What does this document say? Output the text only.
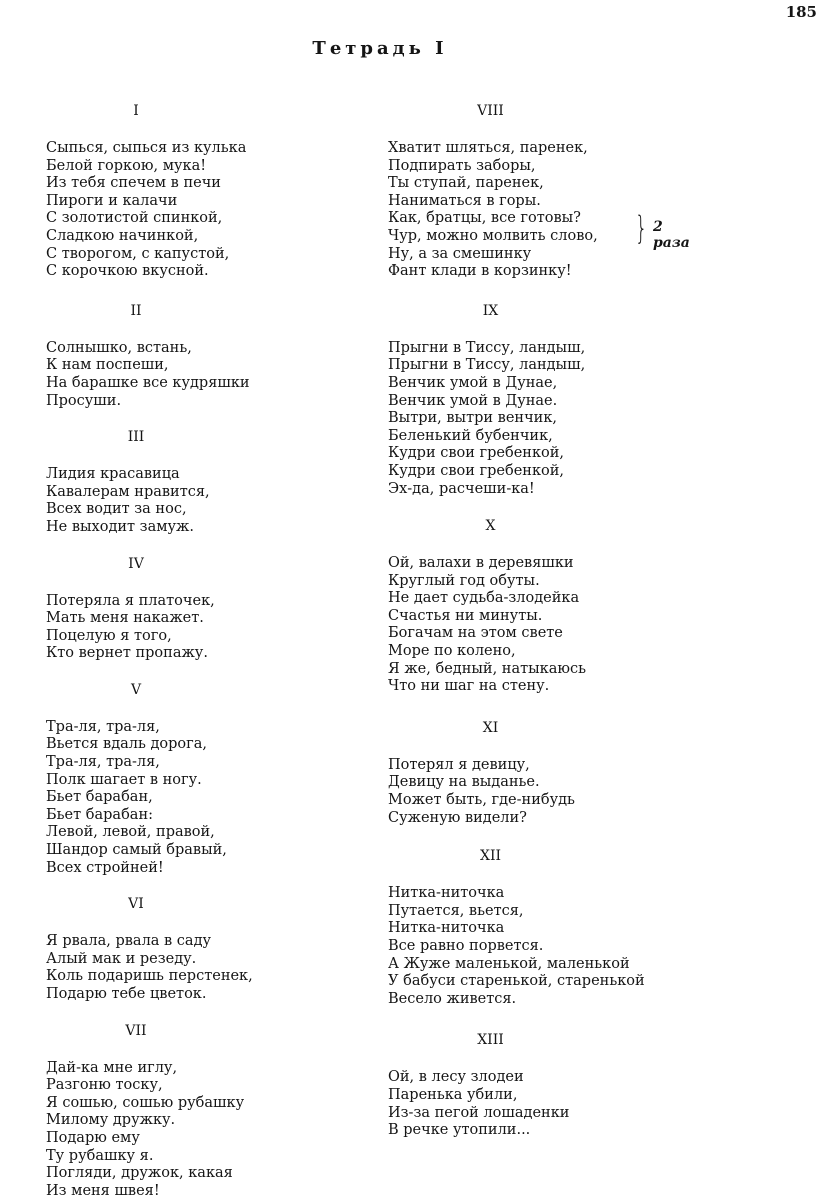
185
Тетрадь I
I
Сыпься, сыпься из кулька
Белой горкою, мука!
Из тебя спечем в печи
Пироги и калачи
С золотистой спинкой,
Сладкою начинкой,
С творогом, с капустой,
С корочкою вкусной.
II
Солнышко, встань,
К нам поспеши,
На барашке все кудряшки
Просуши.
III
Лидия красавица
Кавалерам нравится,
Всех водит за нос,
Не выходит замуж.
IV
Потеряла я платочек,
Мать меня накажет.
Поцелую я того,
Кто вернет пропажу.
V
Тра-ля, тра-ля,
Вьется вдаль дорога,
Тра-ля, тра-ля,
Полк шагает в ногу.
Бьет барабан,
Бьет барабан:
Левой, левой, правой,
Шандор самый бравый,
Всех стройней!
VI
Я рвала, рвала в саду
Алый мак и резеду.
Коль подаришь перстенек,
Подарю тебе цветок.
VII
Дай-ка мне иглу,
Разгоню тоску,
Я сошью, сошью рубашку
Милому дружку.
Подарю ему
Ту рубашку я.
Погляди, дружок, какая
Из меня швея!
VIII
Хватит шляться, паренек,
Подпирать заборы,
Ты ступай, паренек,
Наниматься в горы.
Как, братцы, все готовы?
Чур, можно молвить слово,
Ну, а за смешинку
Фант клади в корзинку!
} 2 раза
IX
Прыгни в Тиссу, ландыш,
Прыгни в Тиссу, ландыш,
Венчик умой в Дунае,
Венчик умой в Дунае.
Вытри, вытри венчик,
Беленький бубенчик,
Кудри свои гребенкой,
Кудри свои гребенкой,
Эх-да, расчеши-ка!
X
Ой, валахи в деревяшки
Круглый год обуты.
Не дает судьба-злодейка
Счастья ни минуты.
Богачам на этом свете
Море по колено,
Я же, бедный, натыкаюсь
Что ни шаг на стену.
XI
Потерял я девицу,
Девицу на выданье.
Может быть, где-нибудь
Суженую видели?
XII
Нитка-ниточка
Путается, вьется,
Нитка-ниточка
Все равно порвется.
А Жуже маленькой, маленькой
У бабуси старенькой, старенькой
Весело живется.
XIII
Ой, в лесу злодеи
Паренька убили,
Из-за пегой лошаденки
В речке утопили...
